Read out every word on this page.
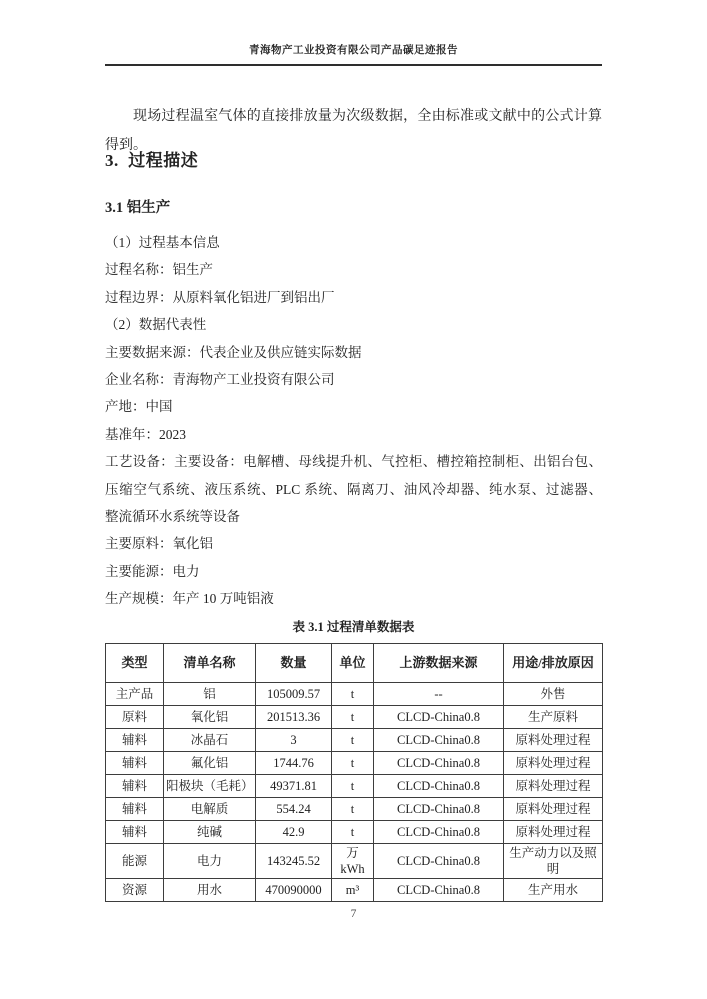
青海物产工业投资有限公司产品碳足迹报告

现场过程温室气体的直接排放量为次级数据，全由标准或文献中的公式计算得到。

3.  过程描述
3.1 铝生产
（1）过程基本信息
过程名称：铝生产
过程边界：从原料氧化铝进厂到铝出厂
（2）数据代表性
主要数据来源：代表企业及供应链实际数据
企业名称：青海物产工业投资有限公司
产地：中国
基准年：2023
工艺设备：主要设备：电解槽、母线提升机、气控柜、槽控箱控制柜、出铝台包、
压缩空气系统、液压系统、PLC 系统、隔离刀、油风冷却器、纯水泵、过滤器、
整流循环水系统等设备
主要原料：氧化铝
主要能源：电力
生产规模：年产 10 万吨铝液
表 3.1 过程清单数据表
类型	清单名称	数量	单位	上游数据来源	用途/排放原因
主产品	铝	105009.57	t	--	外售
原料	氧化铝	201513.36	t	CLCD-China0.8	生产原料
辅料	冰晶石	3	t	CLCD-China0.8	原料处理过程
辅料	氟化铝	1744.76	t	CLCD-China0.8	原料处理过程
辅料	阳极块（毛耗）	49371.81	t	CLCD-China0.8	原料处理过程
辅料	电解质	554.24	t	CLCD-China0.8	原料处理过程
辅料	纯碱	42.9	t	CLCD-China0.8	原料处理过程
能源	电力	143245.52	万 kWh	CLCD-China0.8	生产动力以及照明
资源	用水	470090000	m³	CLCD-China0.8	生产用水
7
